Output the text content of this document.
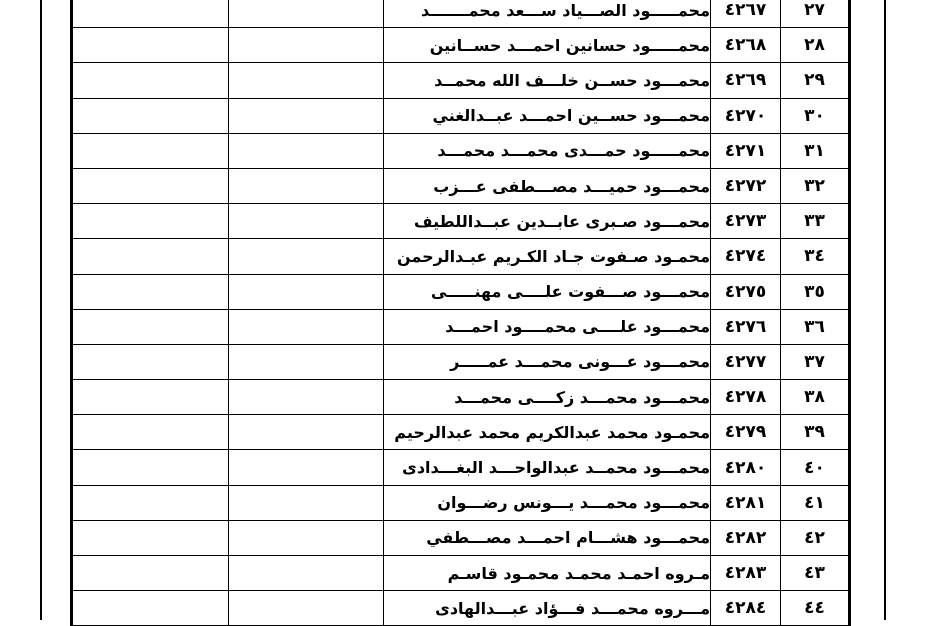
		محمـــــود الصـــياد ســـعد محمـــــــد	٤٢٦٧	٢٧
		محمـــــود حسانين احمـــد حســانين	٤٢٦٨	٢٨
		محمـــود حســن خلـــف الله محمــد	٤٢٦٩	٢٩
		محمـــود حســين احمـــد عبــدالغني	٤٢٧٠	٣٠
		محمـــــود حمـــدى محمـــد محمـــد	٤٢٧١	٣١
		محمـــود حميـــد مصـــطفى عـــزب	٤٢٧٢	٣٢
		محمـــود صـبرى عابــدين عبــداللطيف	٤٢٧٣	٣٣
		محمـود صـفوت جـاد الكـريم عبـدالرحمن	٤٢٧٤	٣٤
		محمـــود صـــفوت علــــى مهنـــــى	٤٢٧٥	٣٥
		محمـــود علــــى محمــــود احمـــد	٤٢٧٦	٣٦
		محمـــود عـــونى محمـــد عمـــــر	٤٢٧٧	٣٧
		محمـــود محمـــد زكــــى محمـــد	٤٢٧٨	٣٨
		محمـود محمد عبدالكريم محمد عبدالرحيم	٤٢٧٩	٣٩
		محمـــود محمــد عبدالواحـــد البغـــدادى	٤٢٨٠	٤٠
		محمـــود محمـــد يـــونس رضـــوان	٤٢٨١	٤١
		محمـــود هشـــام احمـــد مصـــطفي	٤٢٨٢	٤٢
		مـروه احمـد محمـد محمـود قاسـم	٤٢٨٣	٤٣
		مـــروه محمـــد فـــؤاد عبـــدالهادى	٤٢٨٤	٤٤
